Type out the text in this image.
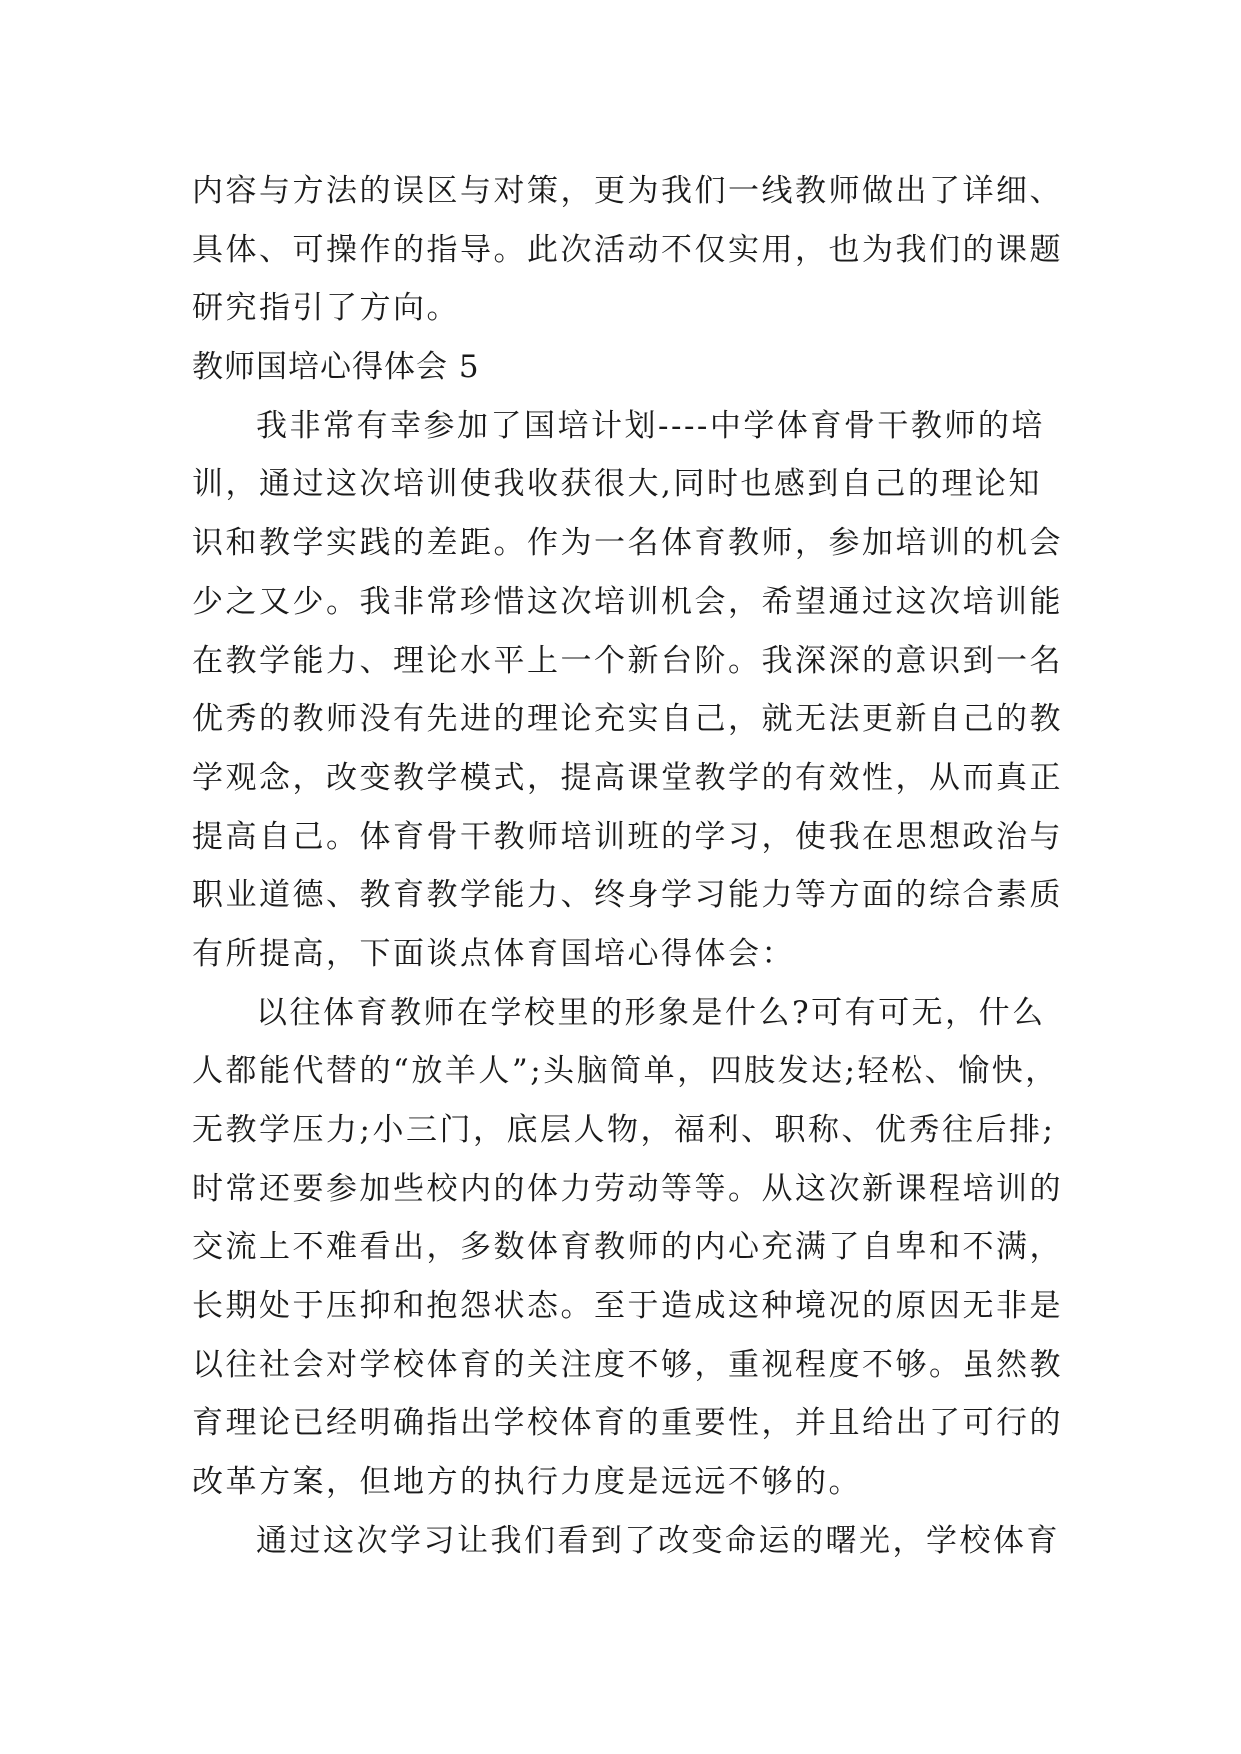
内容与方法的误区与对策，更为我们一线教师做出了详细、
具体、可操作的指导。此次活动不仅实用，也为我们的课题
研究指引了方向。
教师国培心得体会 5
我非常有幸参加了国培计划----中学体育骨干教师的培
训，通过这次培训使我收获很大,同时也感到自己的理论知
识和教学实践的差距。作为一名体育教师，参加培训的机会
少之又少。我非常珍惜这次培训机会，希望通过这次培训能
在教学能力、理论水平上一个新台阶。我深深的意识到一名
优秀的教师没有先进的理论充实自己，就无法更新自己的教
学观念，改变教学模式，提高课堂教学的有效性，从而真正
提高自己。体育骨干教师培训班的学习，使我在思想政治与
职业道德、教育教学能力、终身学习能力等方面的综合素质
有所提高，下面谈点体育国培心得体会：
以往体育教师在学校里的形象是什么?可有可无，什么
人都能代替的“放羊人”;头脑简单，四肢发达;轻松、愉快，
无教学压力;小三门，底层人物，福利、职称、优秀往后排;
时常还要参加些校内的体力劳动等等。从这次新课程培训的
交流上不难看出，多数体育教师的内心充满了自卑和不满，
长期处于压抑和抱怨状态。至于造成这种境况的原因无非是
以往社会对学校体育的关注度不够，重视程度不够。虽然教
育理论已经明确指出学校体育的重要性，并且给出了可行的
改革方案，但地方的执行力度是远远不够的。
通过这次学习让我们看到了改变命运的曙光，学校体育
